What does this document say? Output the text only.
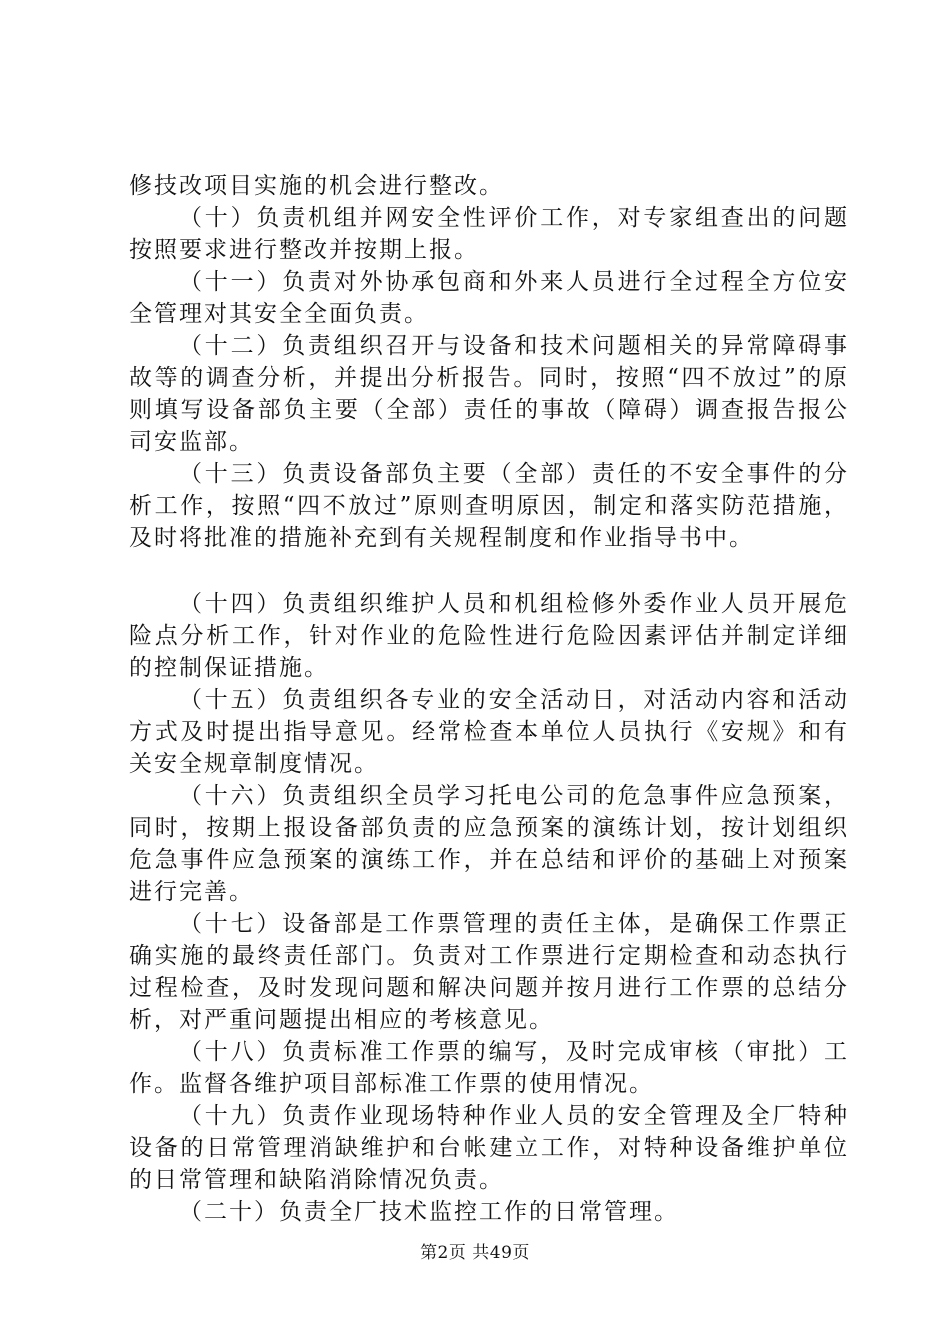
修技改项目实施的机会进行整改。

（十）负责机组并网安全性评价工作，对专家组查出的问题按照要求进行整改并按期上报。

（十一）负责对外协承包商和外来人员进行全过程全方位安全管理对其安全全面负责。

（十二）负责组织召开与设备和技术问题相关的异常障碍事故等的调查分析，并提出分析报告。同时，按照“四不放过”的原则填写设备部负主要（全部）责任的事故（障碍）调查报告报公司安监部。

（十三）负责设备部负主要（全部）责任的不安全事件的分析工作，按照“四不放过”原则查明原因，制定和落实防范措施，及时将批准的措施补充到有关规程制度和作业指导书中。

（十四）负责组织维护人员和机组检修外委作业人员开展危险点分析工作，针对作业的危险性进行危险因素评估并制定详细的控制保证措施。

（十五）负责组织各专业的安全活动日，对活动内容和活动方式及时提出指导意见。经常检查本单位人员执行《安规》和有关安全规章制度情况。

（十六）负责组织全员学习托电公司的危急事件应急预案，同时，按期上报设备部负责的应急预案的演练计划，按计划组织危急事件应急预案的演练工作，并在总结和评价的基础上对预案进行完善。

（十七）设备部是工作票管理的责任主体，是确保工作票正确实施的最终责任部门。负责对工作票进行定期检查和动态执行过程检查，及时发现问题和解决问题并按月进行工作票的总结分析，对严重问题提出相应的考核意见。

（十八）负责标准工作票的编写，及时完成审核（审批）工作。监督各维护项目部标准工作票的使用情况。

（十九）负责作业现场特种作业人员的安全管理及全厂特种设备的日常管理消缺维护和台帐建立工作，对特种设备维护单位的日常管理和缺陷消除情况负责。

（二十）负责全厂技术监控工作的日常管理。

第2页 共49页
